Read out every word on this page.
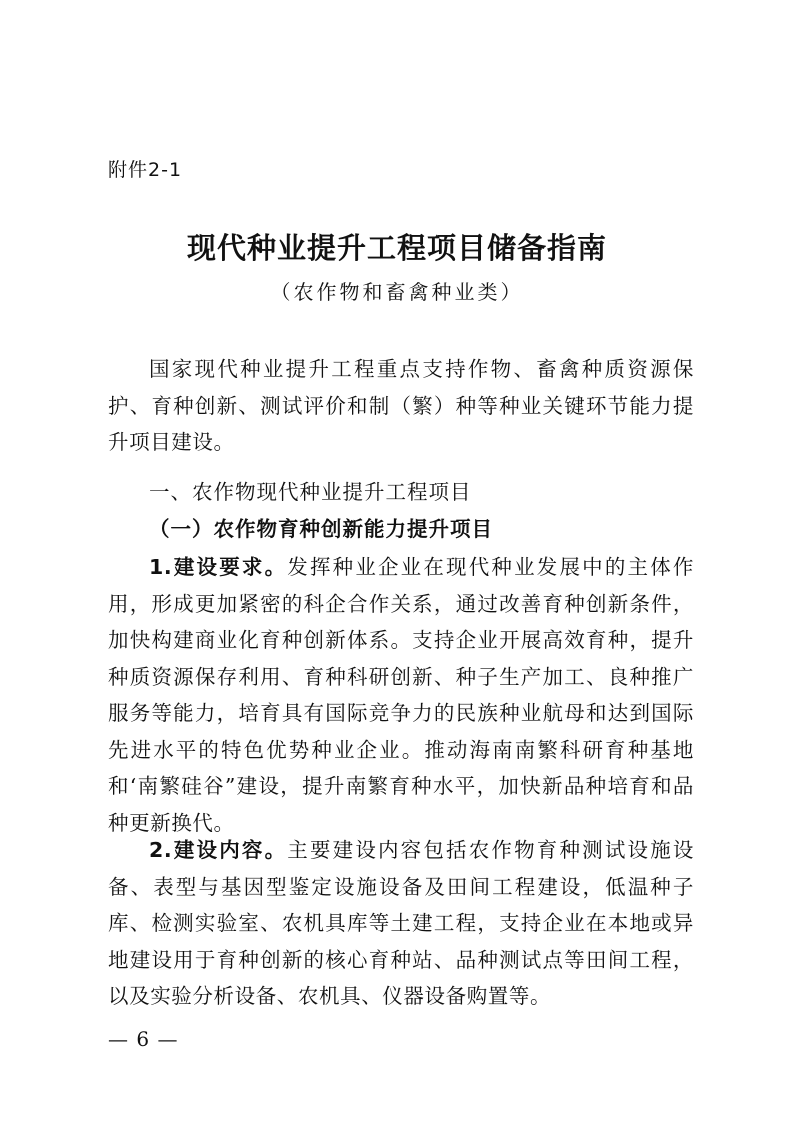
附件2-1
现代种业提升工程项目储备指南
（农作物和畜禽种业类）
国家现代种业提升工程重点支持作物、畜禽种质资源保护、育种创新、测试评价和制（繁）种等种业关键环节能力提升项目建设。
一、农作物现代种业提升工程项目
（一）农作物育种创新能力提升项目
1.建设要求。发挥种业企业在现代种业发展中的主体作用，形成更加紧密的科企合作关系，通过改善育种创新条件，加快构建商业化育种创新体系。支持企业开展高效育种，提升种质资源保存利用、育种科研创新、种子生产加工、良种推广服务等能力，培育具有国际竞争力的民族种业航母和达到国际先进水平的特色优势种业企业。推动海南南繁科研育种基地和‘南繁硅谷”建设，提升南繁育种水平，加快新品种培育和品种更新换代。
2.建设内容。主要建设内容包括农作物育种测试设施设备、表型与基因型鉴定设施设备及田间工程建设，低温种子库、检测实验室、农机具库等土建工程，支持企业在本地或异地建设用于育种创新的核心育种站、品种测试点等田间工程，以及实验分析设备、农机具、仪器设备购置等。
— 6 —
